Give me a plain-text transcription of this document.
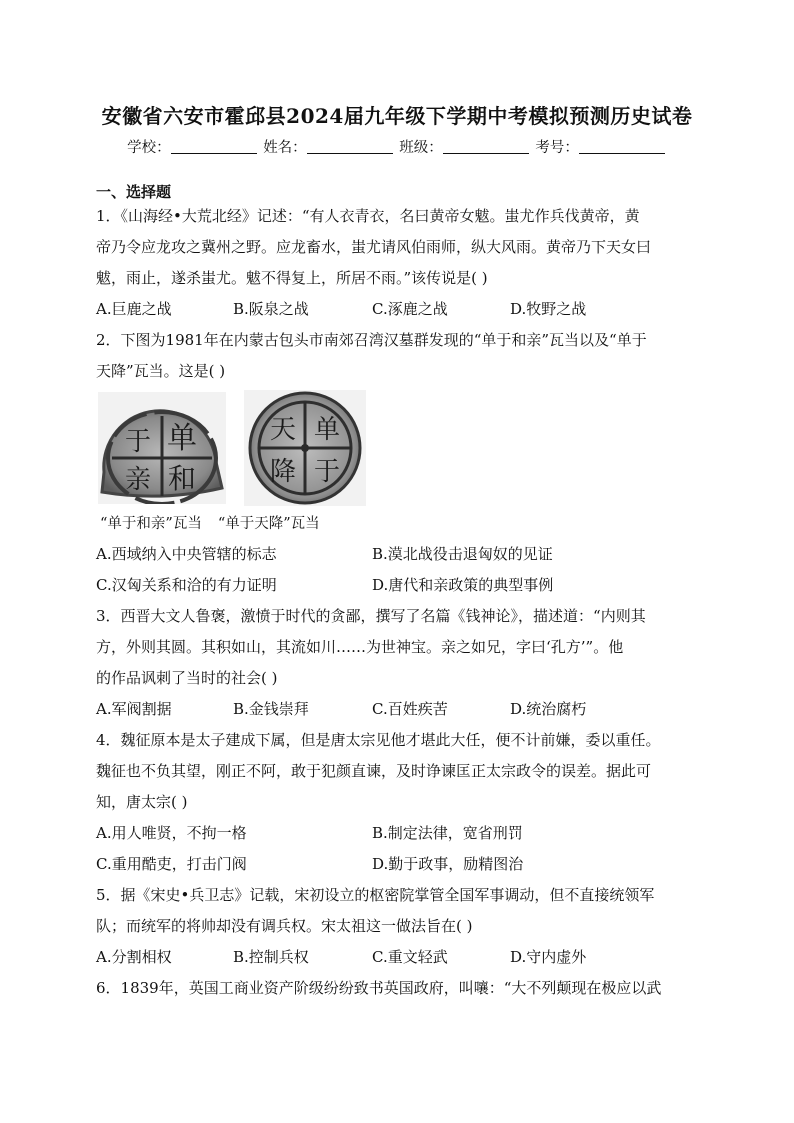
安徽省六安市霍邱县2024届九年级下学期中考模拟预测历史试卷
学校：	姓名：	班级：	考号：
一、选择题
1．《山海经•大荒北经》记述：“有人衣青衣，名曰黄帝女魃。蚩尤作兵伐黄帝，黄
帝乃令应龙攻之冀州之野。应龙畜水，蚩尤请风伯雨师，纵大风雨。黄帝乃下天女曰
魃，雨止，遂杀蚩尤。魃不得复上，所居不雨。”该传说是( )
A.巨鹿之战	B.阪泉之战	C.涿鹿之战	D.牧野之战
2．下图为1981年在内蒙古包头市南郊召湾汉墓群发现的“单于和亲”瓦当以及“单于
天降”瓦当。这是( )
单
于
和
亲
单
于
天
降
“单于和亲”瓦当 “单于天降”瓦当
A.西域纳入中央管辖的标志	B.漠北战役击退匈奴的见证
C.汉匈关系和洽的有力证明	D.唐代和亲政策的典型事例
3．西晋大文人鲁褒，激愤于时代的贪鄙，撰写了名篇《钱神论》，描述道：“内则其
方，外则其圆。其积如山，其流如川……为世神宝。亲之如兄，字曰‘孔方’”。他
的作品讽刺了当时的社会( )
A.军阀割据	B.金钱崇拜	C.百姓疾苦	D.统治腐朽
4．魏征原本是太子建成下属，但是唐太宗见他才堪此大任，便不计前嫌，委以重任。
魏征也不负其望，刚正不阿，敢于犯颜直谏，及时诤谏匡正太宗政令的误差。据此可
知，唐太宗( )
A.用人唯贤，不拘一格	B.制定法律，宽省刑罚
C.重用酷吏，打击门阀	D.勤于政事，励精图治
5．据《宋史•兵卫志》记载，宋初设立的枢密院掌管全国军事调动，但不直接统领军
队；而统军的将帅却没有调兵权。宋太祖这一做法旨在( )
A.分割相权	B.控制兵权	C.重文轻武	D.守内虚外
6．1839年，英国工商业资产阶级纷纷致书英国政府，叫嚷：“大不列颠现在极应以武
